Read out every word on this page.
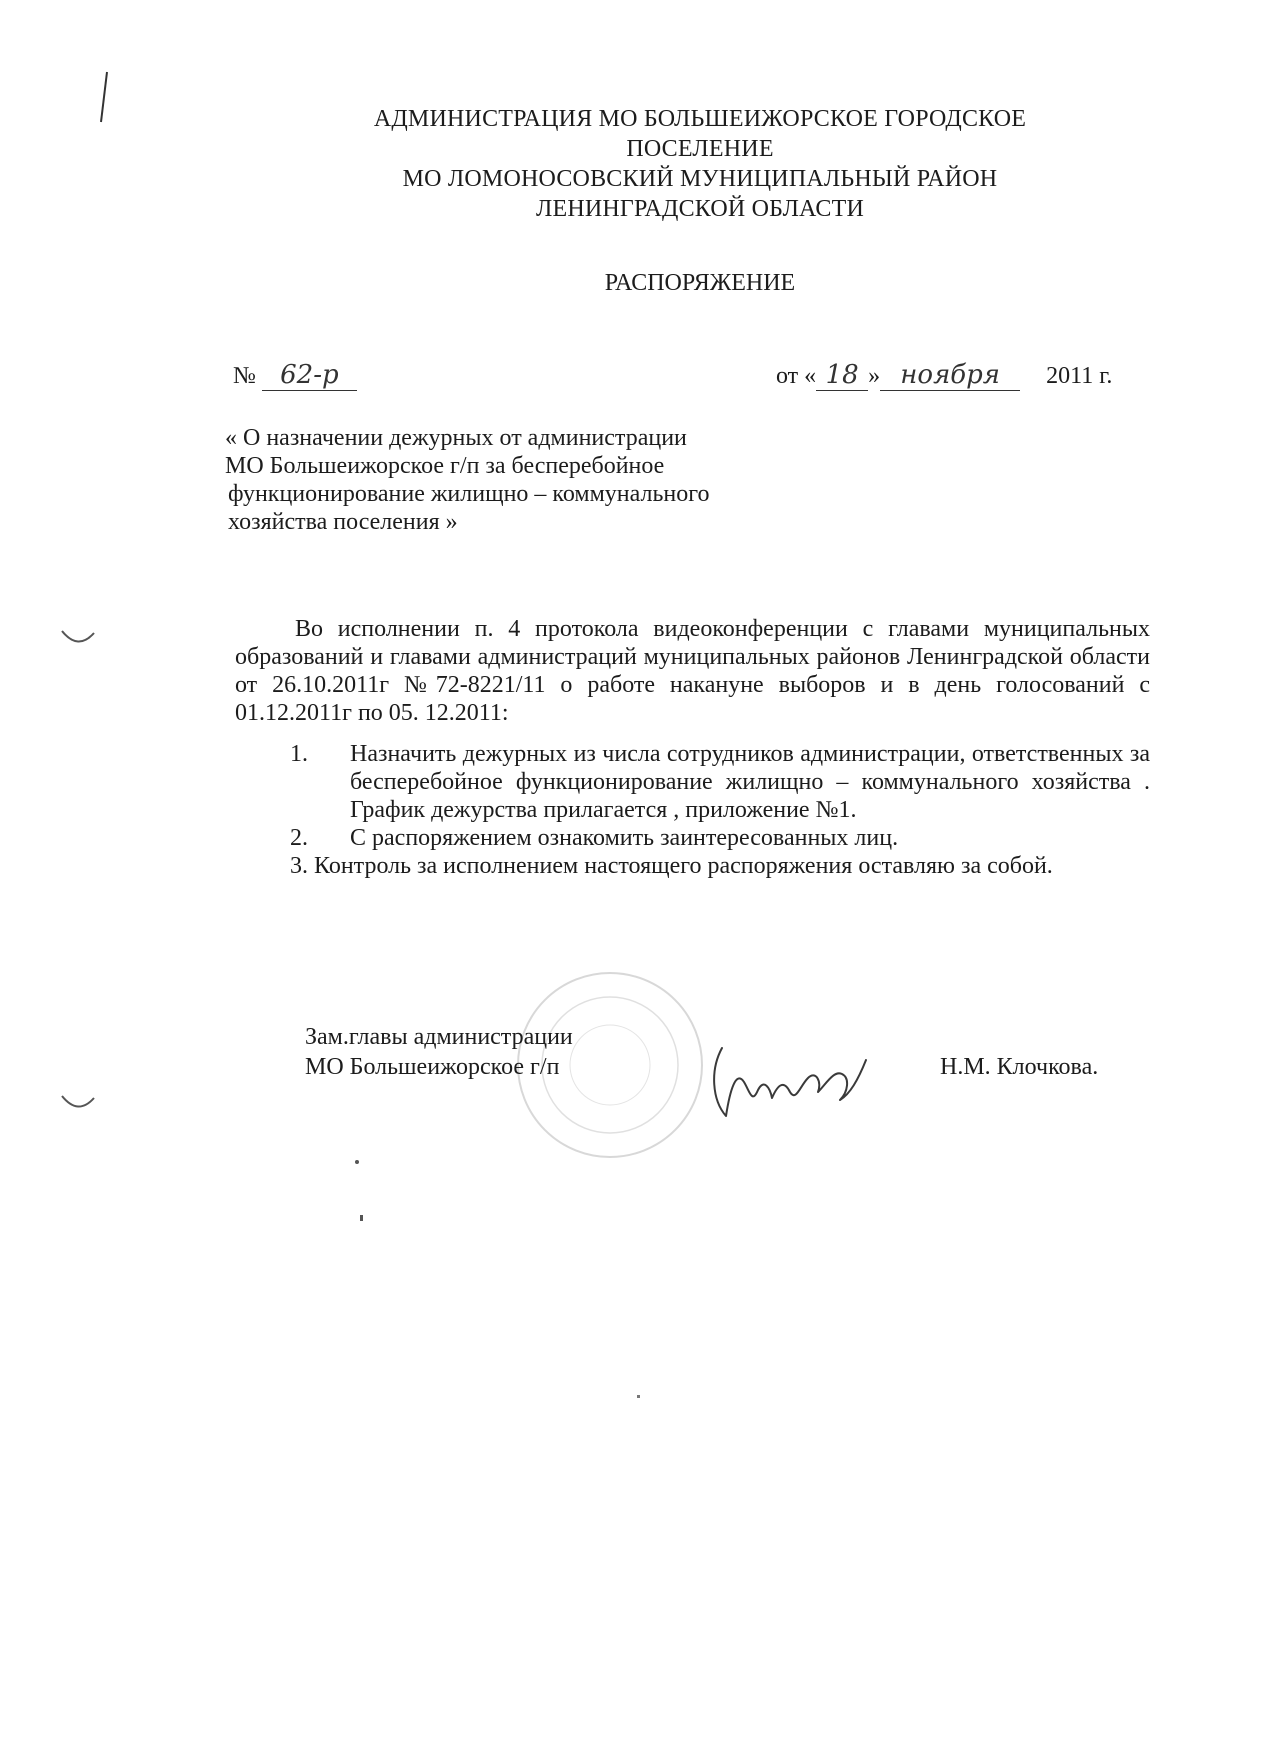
АДМИНИСТРАЦИЯ МО БОЛЬШЕИЖОРСКОЕ ГОРОДСКОЕ
ПОСЕЛЕНИЕ
МО ЛОМОНОСОВСКИЙ МУНИЦИПАЛЬНЫЙ РАЙОН
ЛЕНИНГРАДСКОЙ ОБЛАСТИ
РАСПОРЯЖЕНИЕ
№ 62-р	от « 18 » ноября 2011 г.
« О назначении дежурных от администрации
МО Большеижорское г/п за бесперебойное
функционирование жилищно – коммунального
хозяйства поселения »

Во исполнении п. 4 протокола видеоконференции с главами муниципальных образований и главами администраций муниципальных районов Ленинградской области от 26.10.2011г №72-8221/11 о работе накануне выборов и в день голосований с 01.12.2011г по 05. 12.2011:

1. Назначить дежурных из числа сотрудников администрации, ответственных за бесперебойное функционирование жилищно – коммунального хозяйства . График дежурства прилагается , приложение №1.
2. С распоряжением ознакомить заинтересованных лиц.
3. Контроль за исполнением настоящего распоряжения оставляю за собой.
Зам.главы администрации
МО Большеижорское г/п	Н.М. Клочкова.
